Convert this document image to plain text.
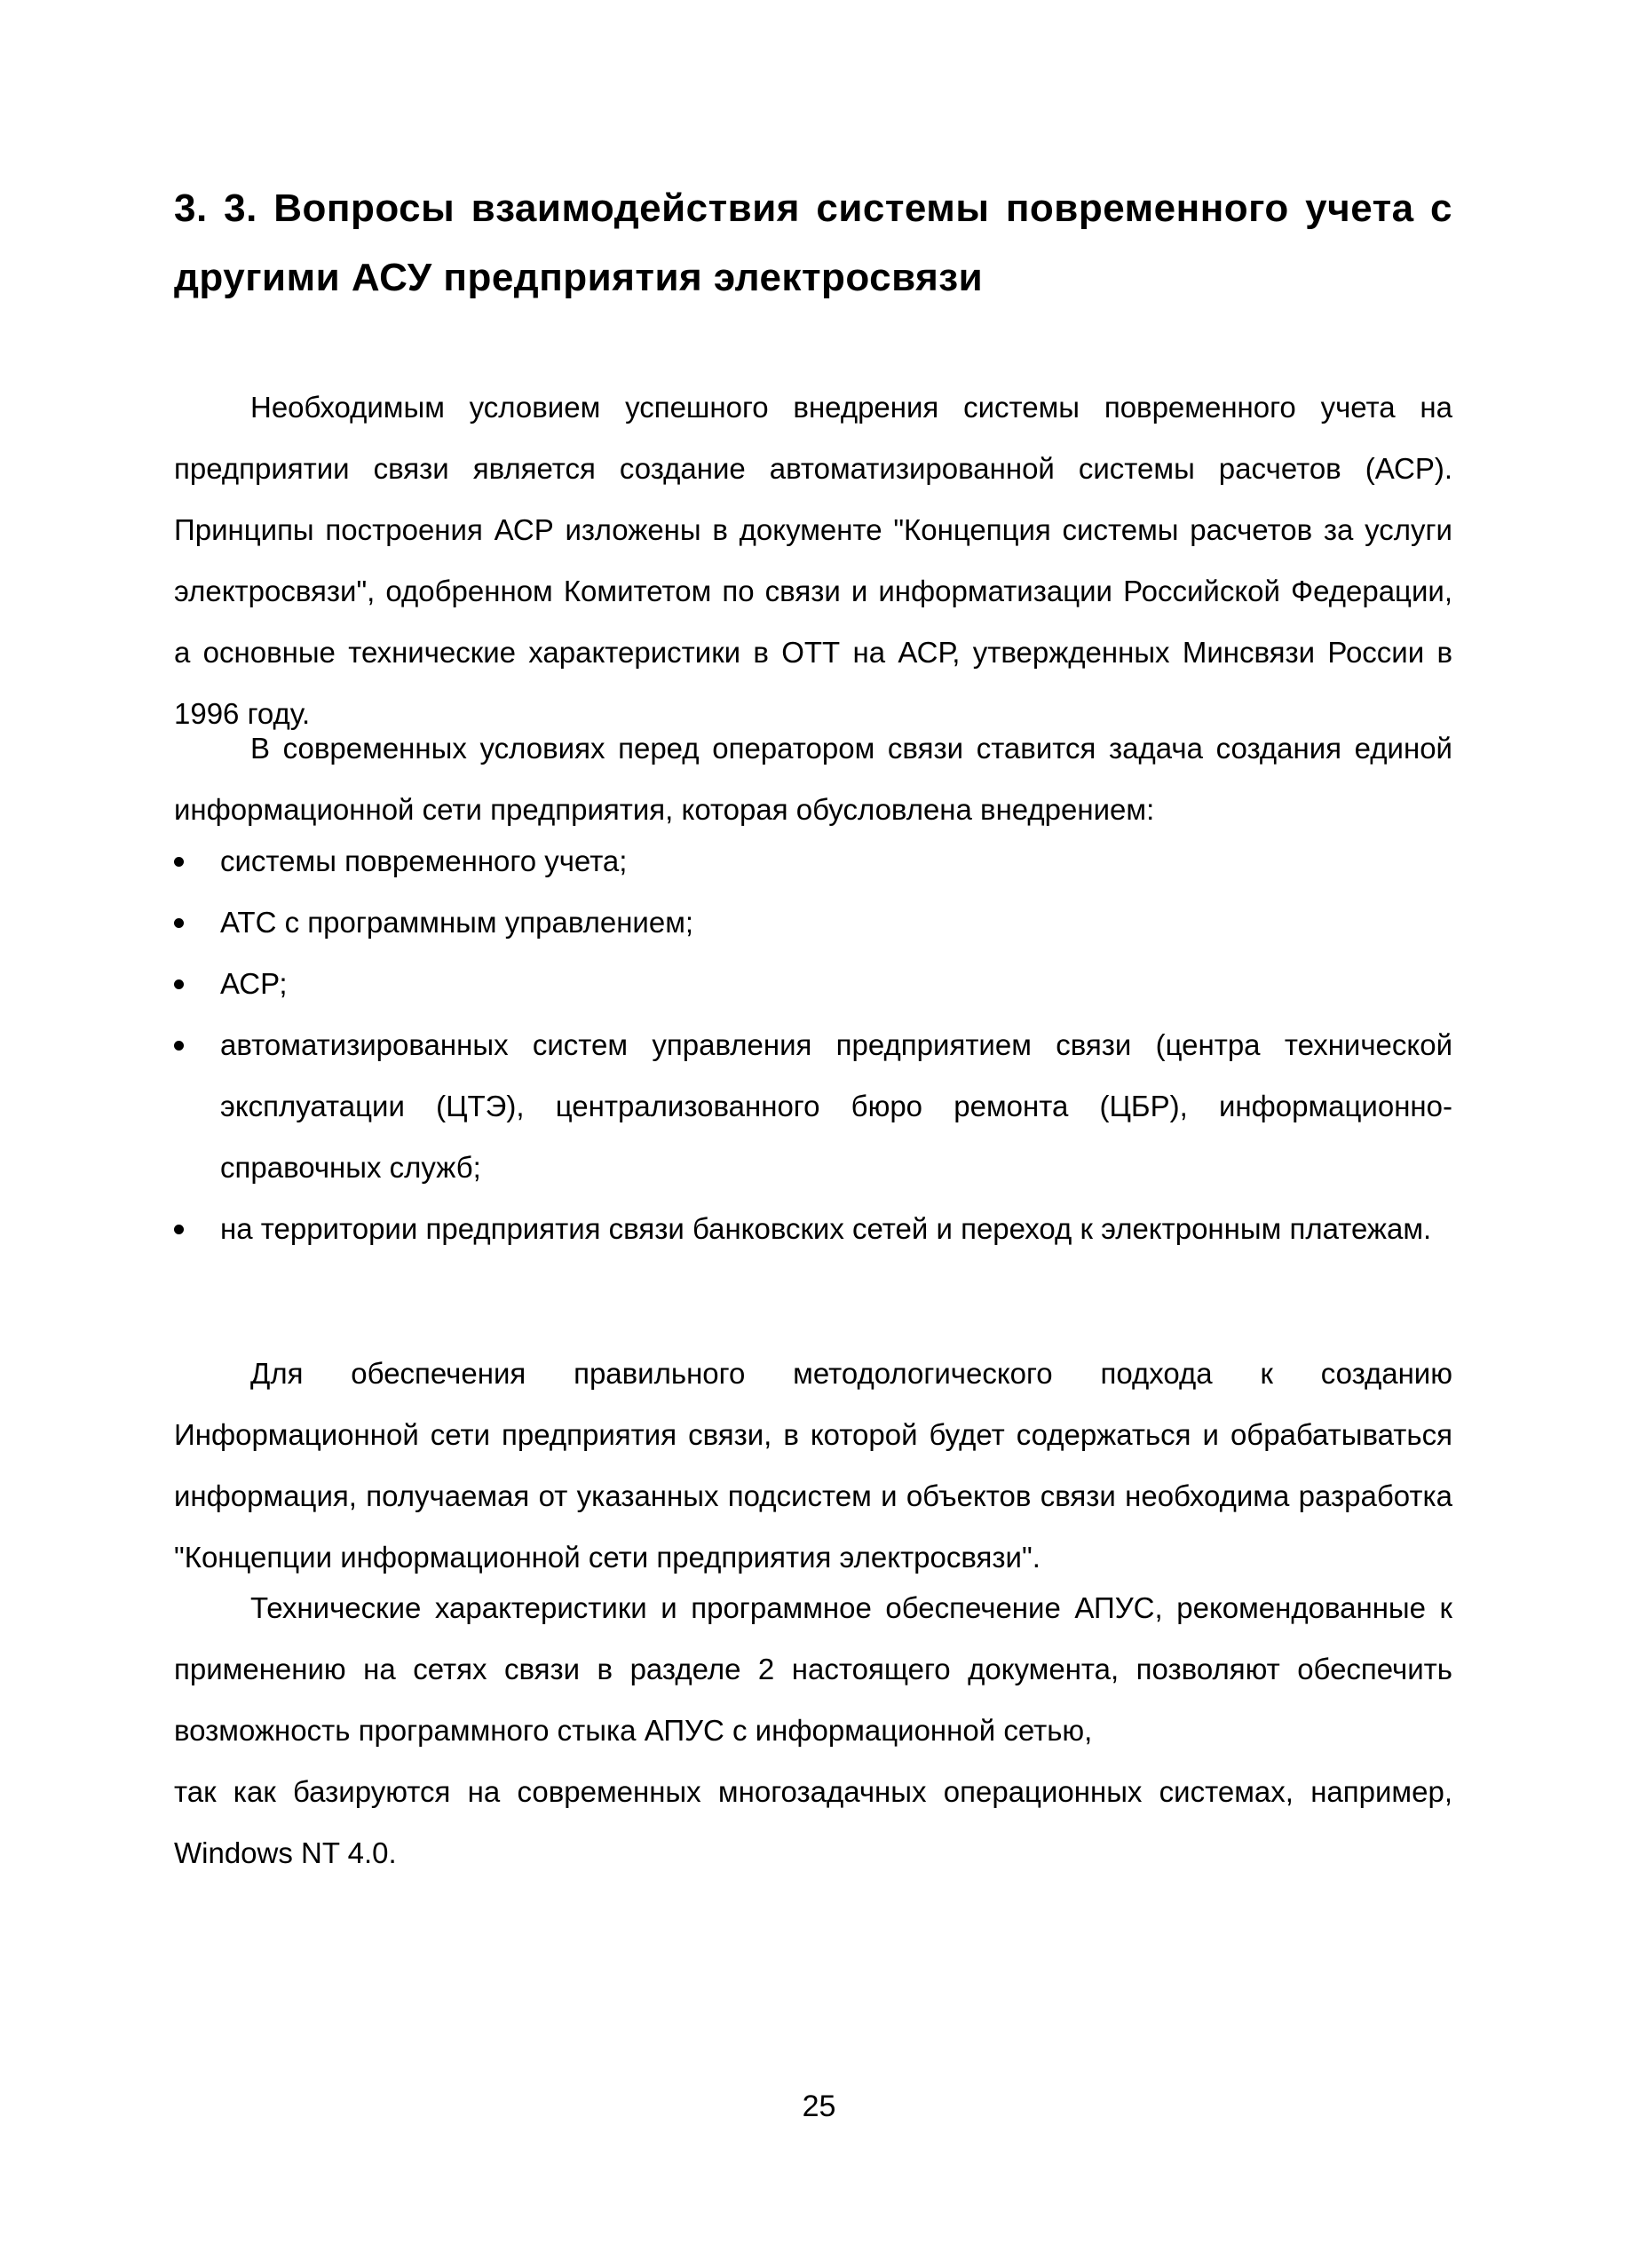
3. 3. Вопросы взаимодействия системы повременного учета с
другими АСУ предприятия электросвязи

Необходимым условием успешного внедрения системы повременного учета на предприятии связи является создание автоматизированной системы расчетов (АСР). Принципы построения АСР изложены в документе "Концепция системы расчетов за услуги электросвязи", одобренном Комитетом по связи и информатизации Российской Федерации, а основные технические характеристики в ОТТ на АСР, утвержденных Минсвязи России в 1996 году.

В современных условиях перед оператором связи ставится задача создания единой информационной сети предприятия, которая обусловлена внедрением:

системы повременного учета;
АТС с программным управлением;
АСР;
автоматизированных систем управления предприятием связи (центра технической эксплуатации (ЦТЭ), централизованного бюро ремонта (ЦБР), информационно-справочных служб;
на территории предприятия связи банковских сетей и переход к электронным платежам.

Для обеспечения правильного методологического подхода к созданию Информационной сети предприятия связи, в которой будет содержаться и обрабатываться информация, получаемая от указанных подсистем и объектов связи необходима разработка "Концепции информационной сети предприятия электросвязи".

Технические характеристики и программное обеспечение АПУС, рекомендованные к применению на сетях связи в разделе 2 настоящего документа, позволяют обеспечить возможность программного стыка АПУС с информационной сетью,
так как базируются на современных многозадачных операционных системах, например, Windows NT 4.0.

25
